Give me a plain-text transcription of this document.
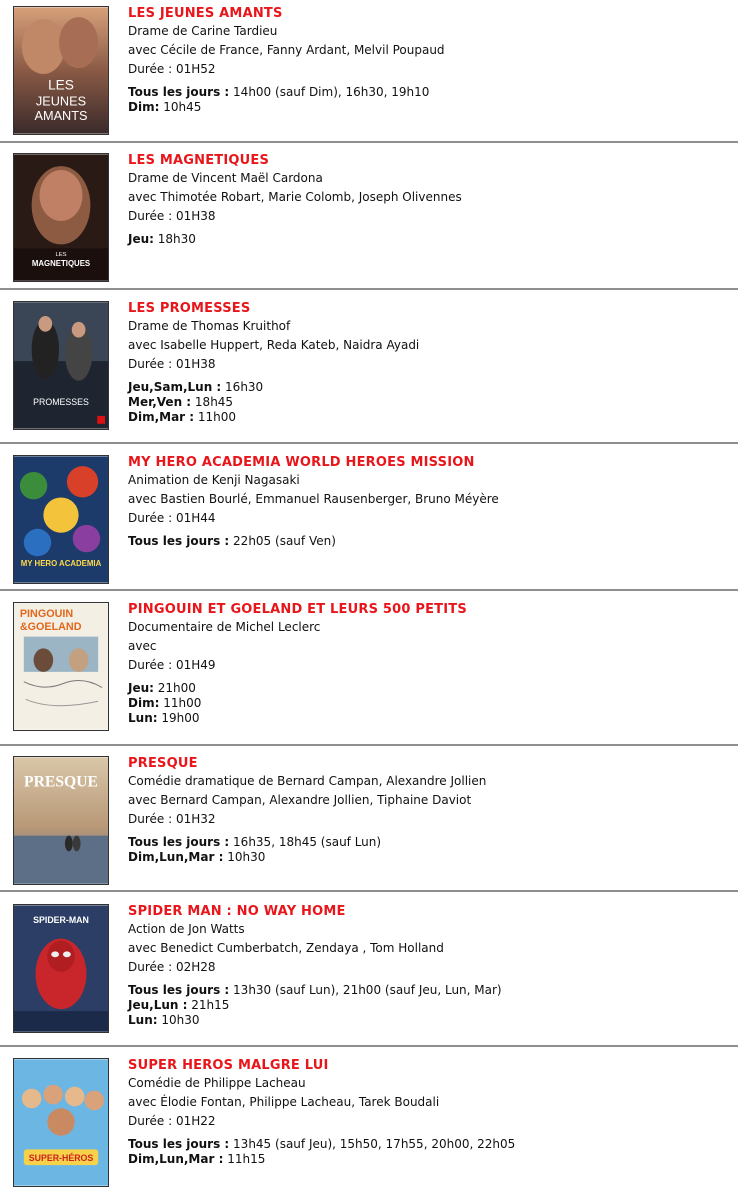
LES
JEUNES
AMANTS

LES JEUNES AMANTS

Drame de Carine Tardieu

avec Cécile de France, Fanny Ardant, Melvil Poupaud

Durée : 01H52

Tous les jours : 14h00 (sauf Dim), 16h30, 19h10

Dim: 10h45

LES
MAGNETIQUES

LES MAGNETIQUES

Drame de Vincent Maël Cardona

avec Thimotée Robart, Marie Colomb, Joseph Olivennes

Durée : 01H38

Jeu: 18h30

PROMESSES

LES PROMESSES

Drame de Thomas Kruithof

avec Isabelle Huppert, Reda Kateb, Naidra Ayadi

Durée : 01H38

Jeu,Sam,Lun : 16h30

Mer,Ven : 18h45

Dim,Mar : 11h00

MY HERO ACADEMIA

MY HERO ACADEMIA WORLD HEROES MISSION

Animation de Kenji Nagasaki

avec Bastien Bourlé, Emmanuel Rausenberger, Bruno Méyère

Durée : 01H44

Tous les jours : 22h05 (sauf Ven)

PINGOUIN
&GOELAND

PINGOUIN ET GOELAND ET LEURS 500 PETITS

Documentaire de Michel Leclerc

avec

Durée : 01H49

Jeu: 21h00

Dim: 11h00

Lun: 19h00

PRESQUE

PRESQUE

Comédie dramatique de Bernard Campan, Alexandre Jollien

avec Bernard Campan, Alexandre Jollien, Tiphaine Daviot

Durée : 01H32

Tous les jours : 16h35, 18h45 (sauf Lun)

Dim,Lun,Mar : 10h30

SPIDER-MAN

SPIDER MAN : NO WAY HOME

Action de Jon Watts

avec Benedict Cumberbatch, Zendaya , Tom Holland

Durée : 02H28

Tous les jours : 13h30 (sauf Lun), 21h00 (sauf Jeu, Lun, Mar)

Jeu,Lun : 21h15

Lun: 10h30

SUPER-HÉROS

SUPER HEROS MALGRE LUI

Comédie de Philippe Lacheau

avec Élodie Fontan, Philippe Lacheau, Tarek Boudali

Durée : 01H22

Tous les jours : 13h45 (sauf Jeu), 15h50, 17h55, 20h00, 22h05

Dim,Lun,Mar : 11h15
